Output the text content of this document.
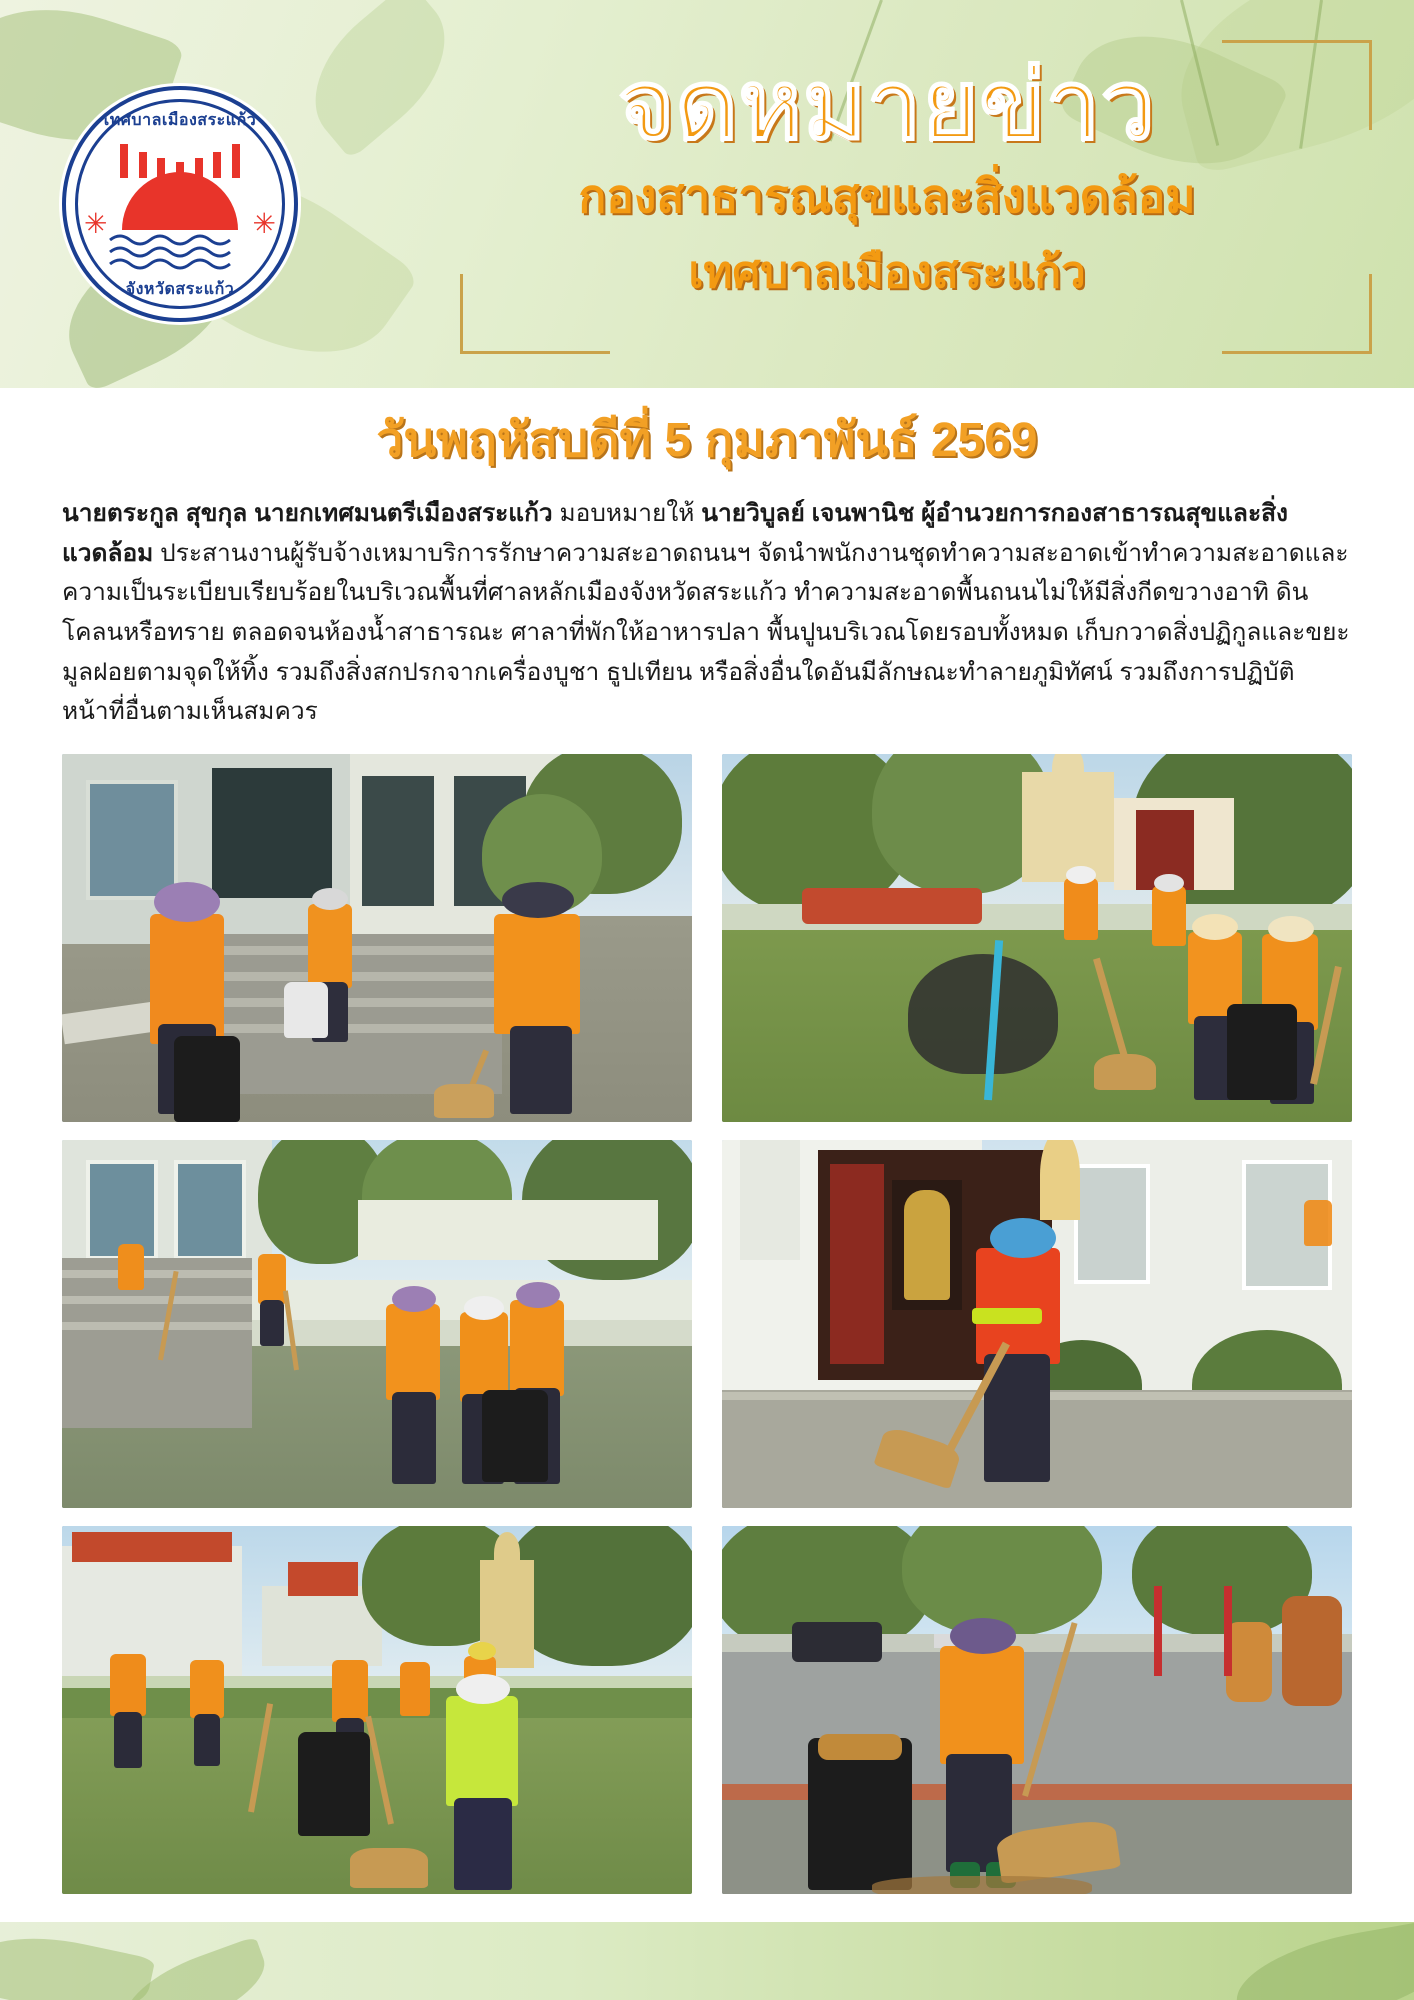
เทศบาลเมืองสระแก้ว
✳	✳
จังหวัดสระแก้ว
จดหมายข่าว
กองสาธารณสุขและสิ่งแวดล้อม
เทศบาลเมืองสระแก้ว
วันพฤหัสบดีที่ 5 กุมภาพันธ์ 2569
นายตระกูล สุขกุล นายกเทศมนตรีเมืองสระแก้ว มอบหมายให้ นายวิบูลย์ เจนพานิช ผู้อำนวยการกองสาธารณสุขและสิ่งแวดล้อม ประสานงานผู้รับจ้างเหมาบริการรักษาความสะอาดถนนฯ จัดนำพนักงานชุดทำความสะอาดเข้าทำความสะอาดและความเป็นระเบียบเรียบร้อยในบริเวณพื้นที่ศาลหลักเมืองจังหวัดสระแก้ว ทำความสะอาดพื้นถนนไม่ให้มีสิ่งกีดขวางอาทิ ดิน โคลนหรือทราย ตลอดจนห้องน้ำสาธารณะ ศาลาที่พักให้อาหารปลา พื้นปูนบริเวณโดยรอบทั้งหมด เก็บกวาดสิ่งปฏิกูลและขยะมูลฝอยตามจุดให้ทิ้ง รวมถึงสิ่งสกปรกจากเครื่องบูชา ธูปเทียน หรือสิ่งอื่นใดอันมีลักษณะทำลายภูมิทัศน์ รวมถึงการปฏิบัติหน้าที่อื่นตามเห็นสมควร
